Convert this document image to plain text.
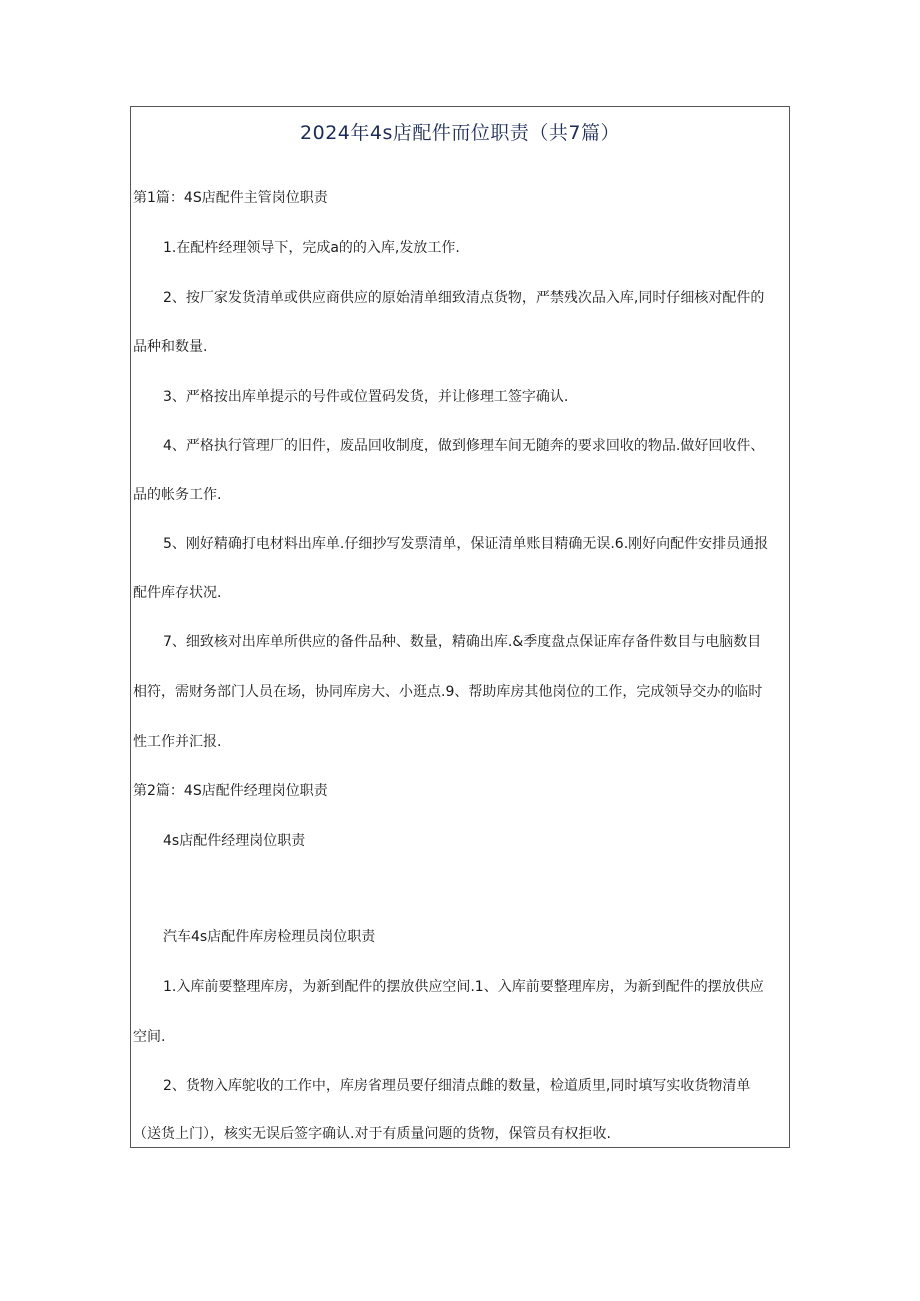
2024年4s店配件而位职责（共7篇）
第1篇：4S店配件主管岗位职责
1.在配杵经理领导下，完成a的的入库,发放工作.
2、按厂家发货清单或供应商供应的原始清单细致清点货物，严禁残次品入库,同时仔细核对配件的
品种和数量.
3、严格按出库单提示的号件或位置码发货，并让修理工签字确认.
4、严格执行管理厂的旧件，废品回收制度，做到修理车间无随奔的要求回收的物品.做好回收件、
品的帐务工作.
5、刚好精确打电材料出库单.仔细抄写发票清单，保证清单账目精确无误.6.刚好向配件安排员通报
配件库存状况.
7、细致核对出库单所供应的备件品种、数量，精确出库.&季度盘点保证库存备件数目与电脑数目
相符，需财务部门人员在场，协同库房大、小逛点.9、帮助库房其他岗位的工作，完成领导交办的临时
性工作并汇报.
第2篇：4S店配件经理岗位职责
4s店配件经理岗位职责
汽车4s店配件库房检理员岗位职责
1.入库前要整理库房，为新到配件的摆放供应空间.1、入库前要整理库房，为新到配件的摆放供应
空间.
2、货物入库鸵收的工作中，库房省理员要仔细清点雌的数量，检道质里,同时填写实收货物清单
（送货上门），核实无误后签字确认.对于有质量问题的货物，保管员有权拒收.
